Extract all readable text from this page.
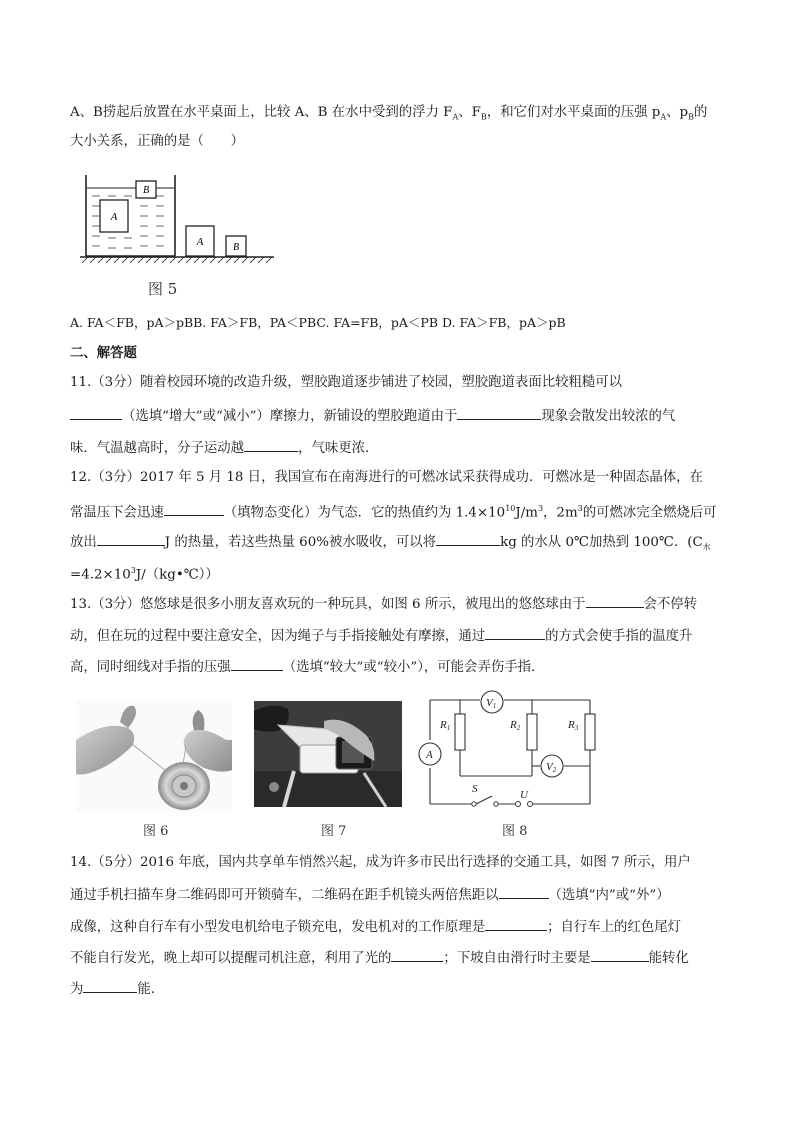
A、B捞起后放置在水平桌面上，比较 A、B 在水中受到的浮力 $F_A$、$F_B$，和它们对水平桌面的压强 $p_A$、$p_B$的
大小关系，正确的是（　　）
A
B
A	B
图 5
A. FA＜FB，pA＞pBB. FA＞FB，PA＜PBC. FA=FB，pA＜PB D. FA＞FB，pA＞pB
二、解答题
11.（3分）随着校园环境的改造升级，塑胶跑道逐步铺进了校园，塑胶跑道表面比较粗糙可以
（选填“增大”或“减小”）摩擦力，新铺设的塑胶跑道由于	现象会散发出较浓的气
味．气温越高时，分子运动越	，气味更浓．
12.（3分）2017 年 5 月 18 日，我国宣布在南海进行的可燃冰试采获得成功．可燃冰是一种固态晶体，在
常温压下会迅速	（填物态变化）为气态．它的热值约为 $1.4\times 10^{10}J/m^3$，$2m^3$的可燃冰完全燃烧后可
放出	J 的热量，若这些热量 60%被水吸收，可以将	kg 的水从 0℃加热到 100℃．($C_水$
$=4.2\times 10^3J/(kg•℃)$）
13.（3分）悠悠球是很多小朋友喜欢玩的一种玩具，如图 6 所示，被甩出的悠悠球由于	会不停转
动，但在玩的过程中要注意安全，因为绳子与手指接触处有摩擦，通过	的方式会使手指的温度升
高，同时细线对手指的压强	（选填“较大”或“较小”），可能会弄伤手指．
图 6	图 7
V1
A
V2
R1	R2	R3
S	U
图 8
14.（5分）2016 年底，国内共享单车悄然兴起，成为许多市民出行选择的交通工具，如图 7 所示，用户
通过手机扫描车身二维码即可开锁骑车，二维码在距手机镜头两倍焦距以	（选填“内”或“外”）
成像，这种自行车有小型发电机给电子锁充电，发电机对的工作原理是	；自行车上的红色尾灯
不能自行发光，晚上却可以提醒司机注意，利用了光的	；下坡自由滑行时主要是	能转化
为	能．
